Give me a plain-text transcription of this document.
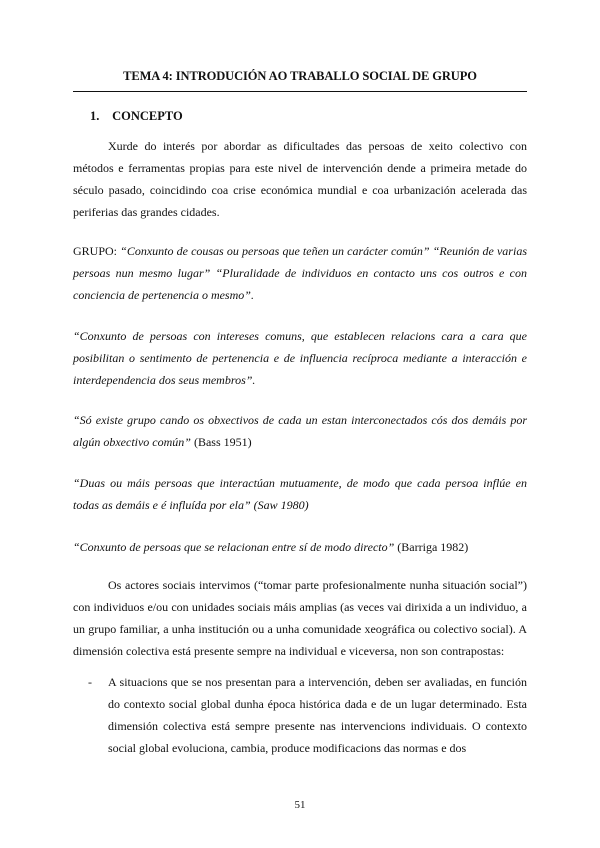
TEMA 4: INTRODUCIÓN AO TRABALLO SOCIAL DE GRUPO
1. CONCEPTO

Xurde do interés por abordar as dificultades das persoas de xeito colectivo con métodos e ferramentas propias para este nivel de intervención dende a primeira metade do século pasado, coincidindo coa crise económica mundial e coa urbanización acelerada das periferias das grandes cidades.

GRUPO: “Conxunto de cousas ou persoas que teñen un carácter común” “Reunión de varias persoas nun mesmo lugar” “Pluralidade de individuos en contacto uns cos outros e con conciencia de pertenencia o mesmo”.

“Conxunto de persoas con intereses comuns, que establecen relacions cara a cara que posibilitan o sentimento de pertenencia e de influencia recíproca mediante a interacción e interdependencia dos seus membros”.

“Só existe grupo cando os obxectivos de cada un estan interconectados cós dos demáis por algún obxectivo común” (Bass 1951)

“Duas ou máis persoas que interactúan mutuamente, de modo que cada persoa inflúe en todas as demáis e é influída por ela” (Saw 1980)

“Conxunto de persoas que se relacionan entre sí de modo directo” (Barriga 1982)

Os actores sociais intervimos (“tomar parte profesionalmente nunha situación social”) con individuos e/ou con unidades sociais máis amplias (as veces vai dirixida a un individuo, a un grupo familiar, a unha institución ou a unha comunidade xeográfica ou colectivo social). A dimensión colectiva está presente sempre na individual e viceversa, non son contrapostas:

- A situacions que se nos presentan para a intervención, deben ser avaliadas, en función do contexto social global dunha época histórica dada e de un lugar determinado. Esta dimensión colectiva está sempre presente nas intervencions individuais. O contexto social global evoluciona, cambia, produce modificacions das normas e dos
51
